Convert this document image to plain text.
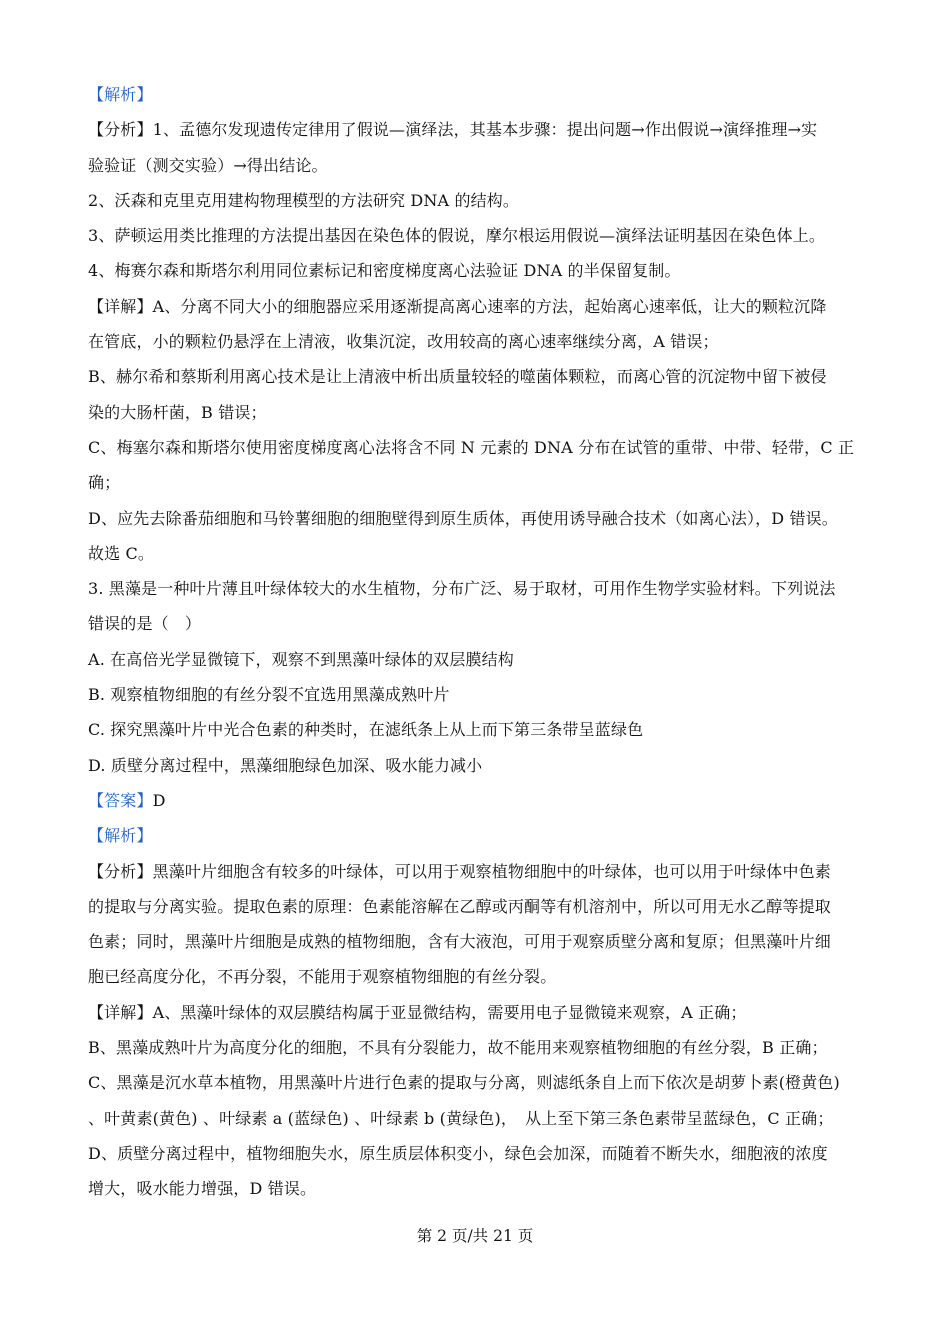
【解析】
【分析】1、孟德尔发现遗传定律用了假说—演绎法，其基本步骤：提出问题→作出假说→演绎推理→实
验验证（测交实验）→得出结论。
2、沃森和克里克用建构物理模型的方法研究 DNA 的结构。
3、萨顿运用类比推理的方法提出基因在染色体的假说，摩尔根运用假说—演绎法证明基因在染色体上。
4、梅赛尔森和斯塔尔利用同位素标记和密度梯度离心法验证 DNA 的半保留复制。
【详解】A、分离不同大小的细胞器应采用逐渐提高离心速率的方法，起始离心速率低，让大的颗粒沉降
在管底，小的颗粒仍悬浮在上清液，收集沉淀，改用较高的离心速率继续分离，A 错误；
B、赫尔希和蔡斯利用离心技术是让上清液中析出质量较轻的噬菌体颗粒，而离心管的沉淀物中留下被侵
染的大肠杆菌，B 错误；
C、梅塞尔森和斯塔尔使用密度梯度离心法将含不同 N 元素的 DNA 分布在试管的重带、中带、轻带，C 正
确；
D、应先去除番茄细胞和马铃薯细胞的细胞壁得到原生质体，再使用诱导融合技术（如离心法），D 错误。
故选 C。
3. 黑藻是一种叶片薄且叶绿体较大的水生植物，分布广泛、易于取材，可用作生物学实验材料。下列说法
错误的是（　）
A. 在高倍光学显微镜下，观察不到黑藻叶绿体的双层膜结构
B. 观察植物细胞的有丝分裂不宜选用黑藻成熟叶片
C. 探究黑藻叶片中光合色素的种类时，在滤纸条上从上而下第三条带呈蓝绿色
D. 质壁分离过程中，黑藻细胞绿色加深、吸水能力减小
【答案】D
【解析】
【分析】黑藻叶片细胞含有较多的叶绿体，可以用于观察植物细胞中的叶绿体，也可以用于叶绿体中色素
的提取与分离实验。提取色素的原理：色素能溶解在乙醇或丙酮等有机溶剂中，所以可用无水乙醇等提取
色素；同时，黑藻叶片细胞是成熟的植物细胞，含有大液泡，可用于观察质壁分离和复原；但黑藻叶片细
胞已经高度分化，不再分裂，不能用于观察植物细胞的有丝分裂。
【详解】A、黑藻叶绿体的双层膜结构属于亚显微结构，需要用电子显微镜来观察，A 正确；
B、黑藻成熟叶片为高度分化的细胞，不具有分裂能力，故不能用来观察植物细胞的有丝分裂，B 正确；
C、黑藻是沉水草本植物，用黑藻叶片进行色素的提取与分离，则滤纸条自上而下依次是胡萝卜素(橙黄色)
、叶黄素(黄色) 、叶绿素 a (蓝绿色) 、叶绿素 b (黄绿色)，　从上至下第三条色素带呈蓝绿色，C 正确；
D、质壁分离过程中，植物细胞失水，原生质层体积变小，绿色会加深，而随着不断失水，细胞液的浓度
增大，吸水能力增强，D 错误。
第 2 页/共 21 页
